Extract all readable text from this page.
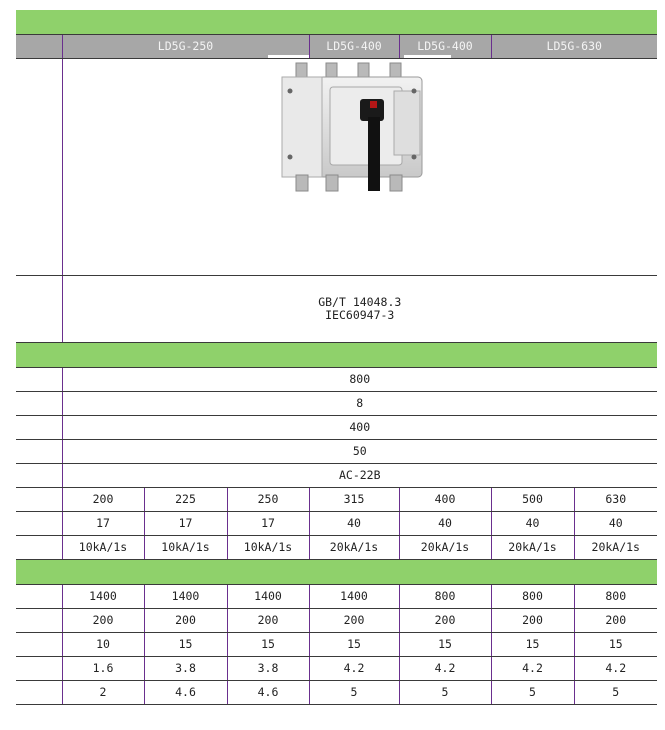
	LD5G-250			LD5G-400	LD5G-400	LD5G-630	

	GB/T 14048.3
IEC60947-3						

	800						
	8						
	400						
	50						
	AC-22B						
	200	225	250	315	400	500	630
	17	17	17	40	40	40	40
	10kA/1s	10kA/1s	10kA/1s	20kA/1s	20kA/1s	20kA/1s	20kA/1s

	1400	1400	1400	1400	800	800	800
	200	200	200	200	200	200	200
	10	15	15	15	15	15	15
	1.6	3.8	3.8	4.2	4.2	4.2	4.2
	2	4.6	4.6	5	5	5	5
